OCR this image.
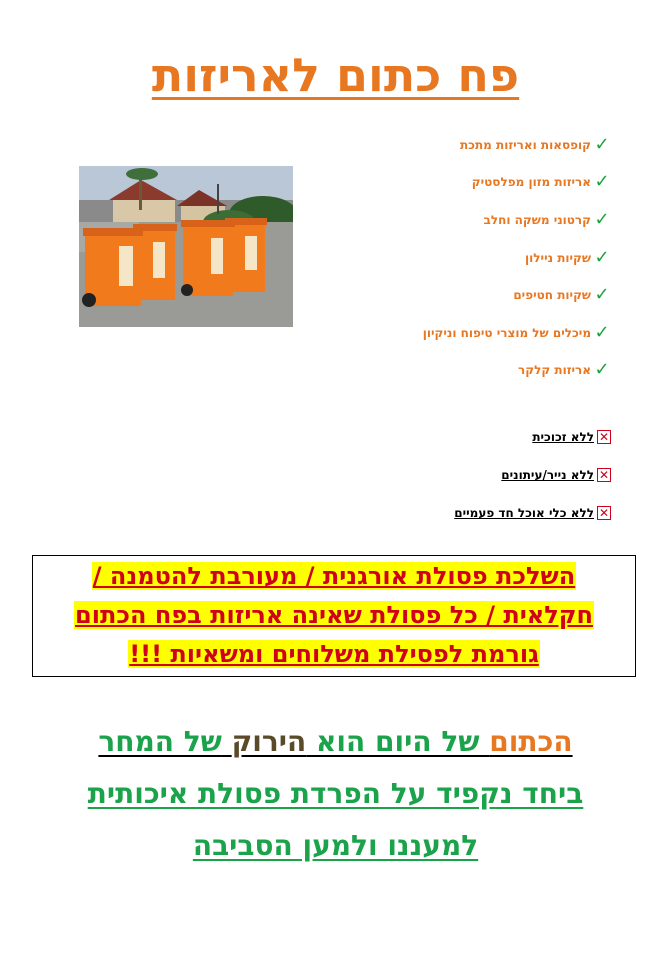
פח כתום לאריזות
✓
קופסאות ואריזות מתכת
✓
אריזות מזון מפלסטיק
✓
קרטוני משקה וחלב
✓
שקיות ניילון
✓
שקיות חטיפים
✓
מיכלים של מוצרי טיפוח וניקיון
✓
אריזות קלקר
✕
ללא זכוכית
✕
ללא נייר/עיתונים
✕
ללא כלי אוכל חד פעמיים
השלכת פסולת אורגנית / מעורבת להטמנה /
חקלאית / כל פסולת שאינה אריזות בפח הכתום
גורמת לפסילת משלוחים ומשאיות !!!
הכתום של היום הוא הירוק של המחר
ביחד נקפיד על הפרדת פסולת איכותית
למעננו ולמען הסביבה
